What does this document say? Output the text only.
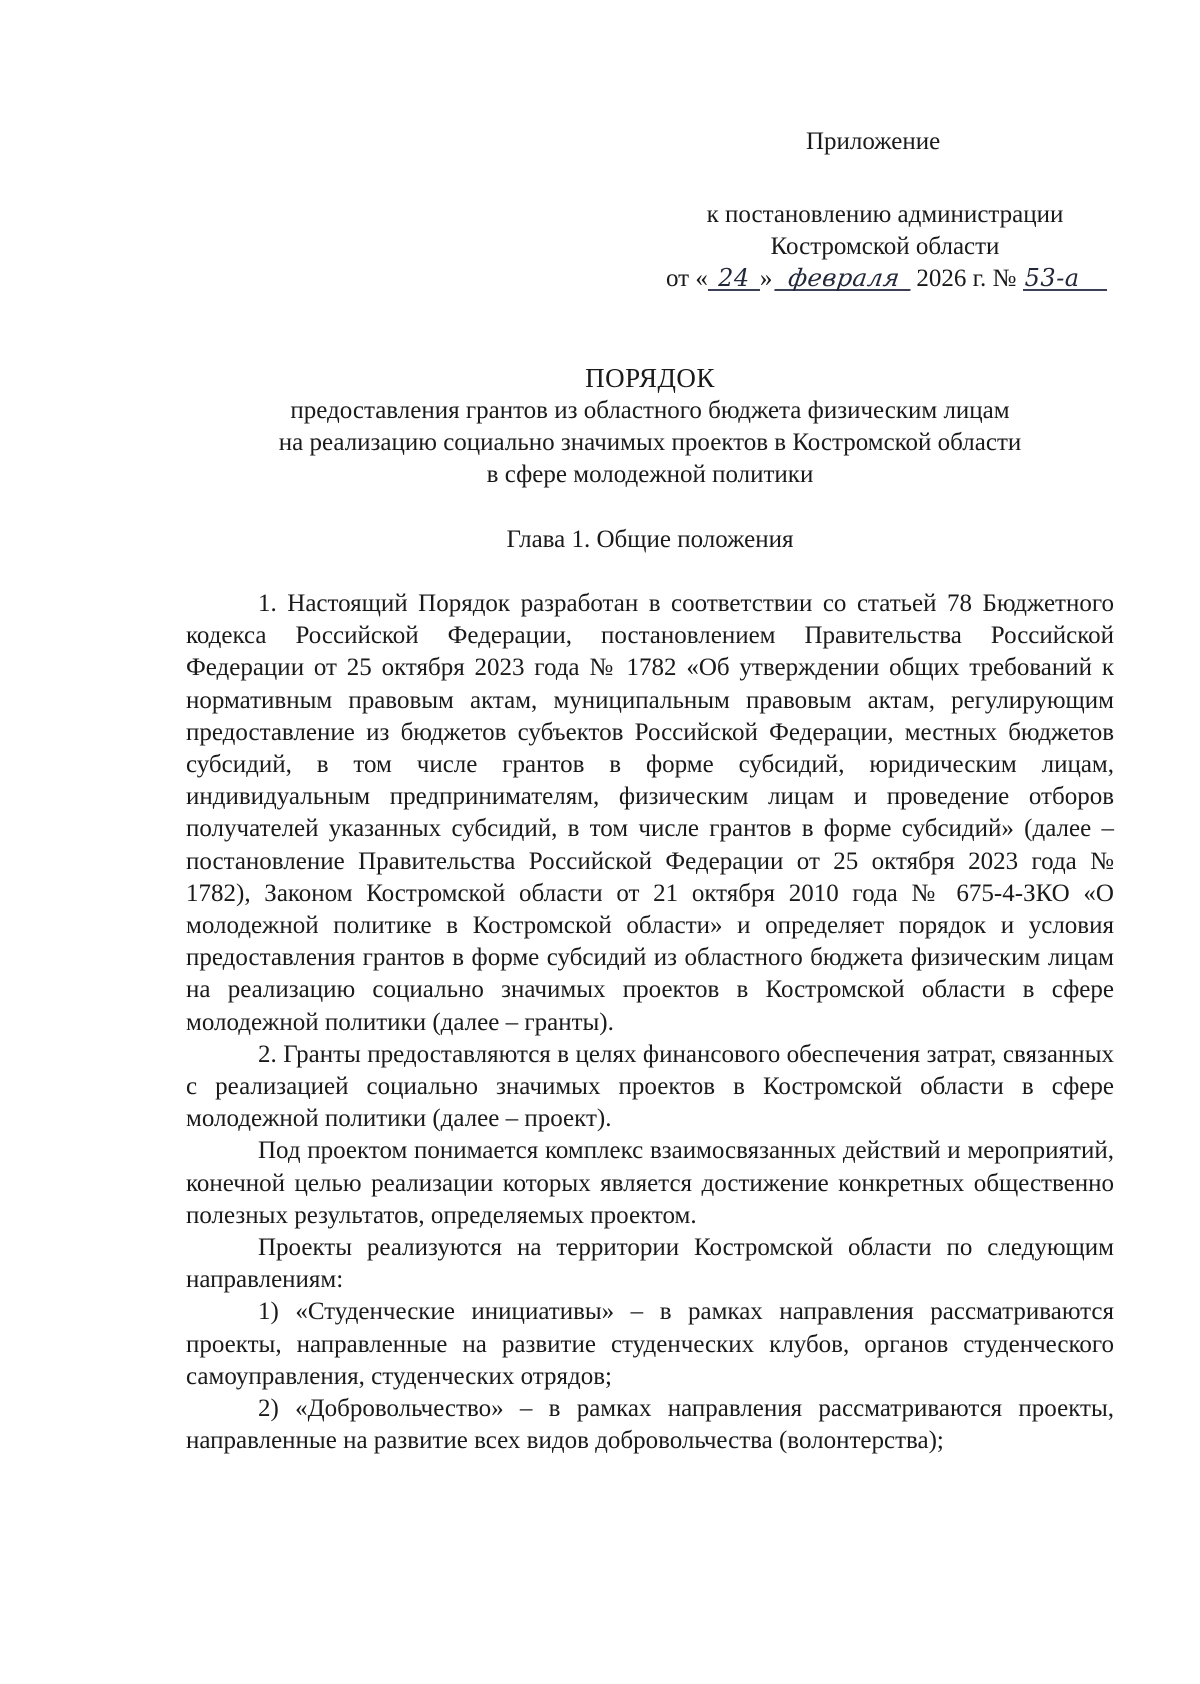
Приложение
к постановлению администрации
Костромской области
от « 24 » февраля 2026 г. № 53-а
ПОРЯДОК
предоставления грантов из областного бюджета физическим лицам
на реализацию социально значимых проектов в Костромской области
в сфере молодежной политики
Глава 1. Общие положения

1. Настоящий Порядок разработан в соответствии со статьей 78 Бюджетного кодекса Российской Федерации, постановлением Правительства Российской Федерации от 25 октября 2023 года № 1782 «Об утверждении общих требований к нормативным правовым актам, муниципальным правовым актам, регулирующим предоставление из бюджетов субъектов Российской Федерации, местных бюджетов субсидий, в том числе грантов в форме субсидий, юридическим лицам, индивидуальным предпринимателям, физическим лицам и проведение отборов получателей указанных субсидий, в том числе грантов в форме субсидий» (далее – постановление Правительства Российской Федерации от 25 октября 2023 года № 1782), Законом Костромской области от 21 октября 2010 года № 675-4-ЗКО «О молодежной политике в Костромской области» и определяет порядок и условия предоставления грантов в форме субсидий из областного бюджета физическим лицам на реализацию социально значимых проектов в Костромской области в сфере молодежной политики (далее – гранты).

2. Гранты предоставляются в целях финансового обеспечения затрат, связанных с реализацией социально значимых проектов в Костромской области в сфере молодежной политики (далее – проект).

Под проектом понимается комплекс взаимосвязанных действий и мероприятий, конечной целью реализации которых является достижение конкретных общественно полезных результатов, определяемых проектом.

Проекты реализуются на территории Костромской области по следующим направлениям:

1) «Студенческие инициативы» – в рамках направления рассматриваются проекты, направленные на развитие студенческих клубов, органов студенческого самоуправления, студенческих отрядов;

2) «Добровольчество» – в рамках направления рассматриваются проекты, направленные на развитие всех видов добровольчества (волонтерства);
